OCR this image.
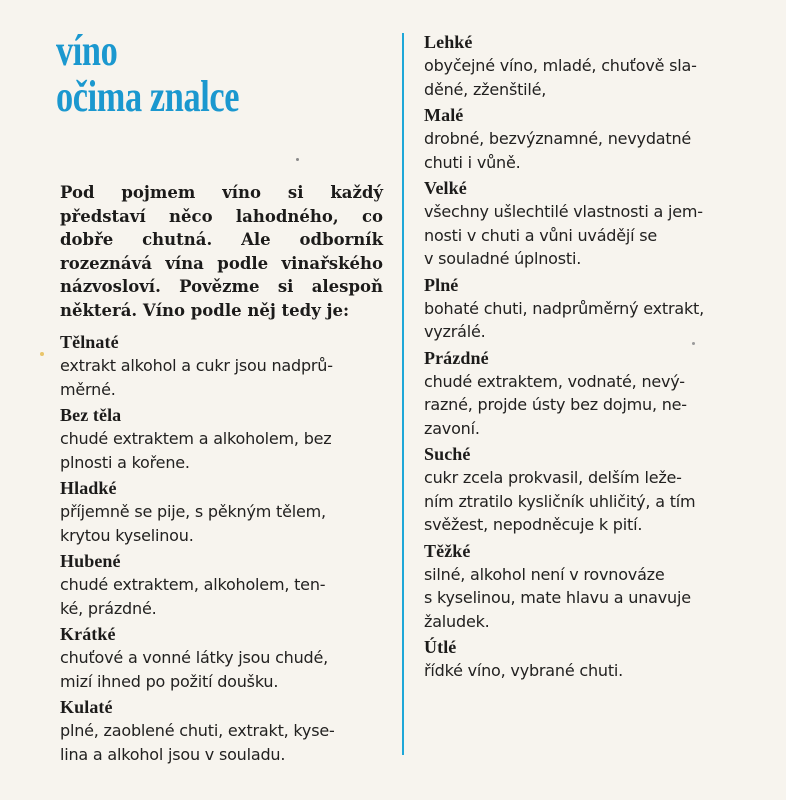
víno
očima znalce

Pod pojmem víno si každý představí něco lahodného, co dobře chutná. Ale odborník rozeznává vína podle vinařského názvosloví. Povězme si alespoň některá. Víno podle něj tedy je:

Tělnaté

extrakt alkohol a cukr jsou nadprů-
měrné.

Bez těla

chudé extraktem a alkoholem, bez
plnosti a kořene.

Hladké

příjemně se pije, s pěkným tělem,
krytou kyselinou.

Hubené

chudé extraktem, alkoholem, ten-
ké, prázdné.

Krátké

chuťové a vonné látky jsou chudé,
mizí ihned po požití doušku.

Kulaté

plné, zaoblené chuti, extrakt, kyse-
lina a alkohol jsou v souladu.

Lehké

obyčejné víno, mladé, chuťově sla-
děné, zženštilé,

Malé

drobné, bezvýznamné, nevydatné
chuti i vůně.

Velké

všechny ušlechtilé vlastnosti a jem-
nosti v chuti a vůni uvádějí se
v souladné úplnosti.

Plné

bohaté chuti, nadprůměrný extrakt,
vyzrálé.

Prázdné

chudé extraktem, vodnaté, nevý-
razné, projde ústy bez dojmu, ne-
zavoní.

Suché

cukr zcela prokvasil, delším leže-
ním ztratilo kysličník uhličitý, a tím
svěžest, nepodněcuje k pití.

Těžké

silné, alkohol není v rovnováze
s kyselinou, mate hlavu a unavuje
žaludek.

Útlé

řídké víno, vybrané chuti.
